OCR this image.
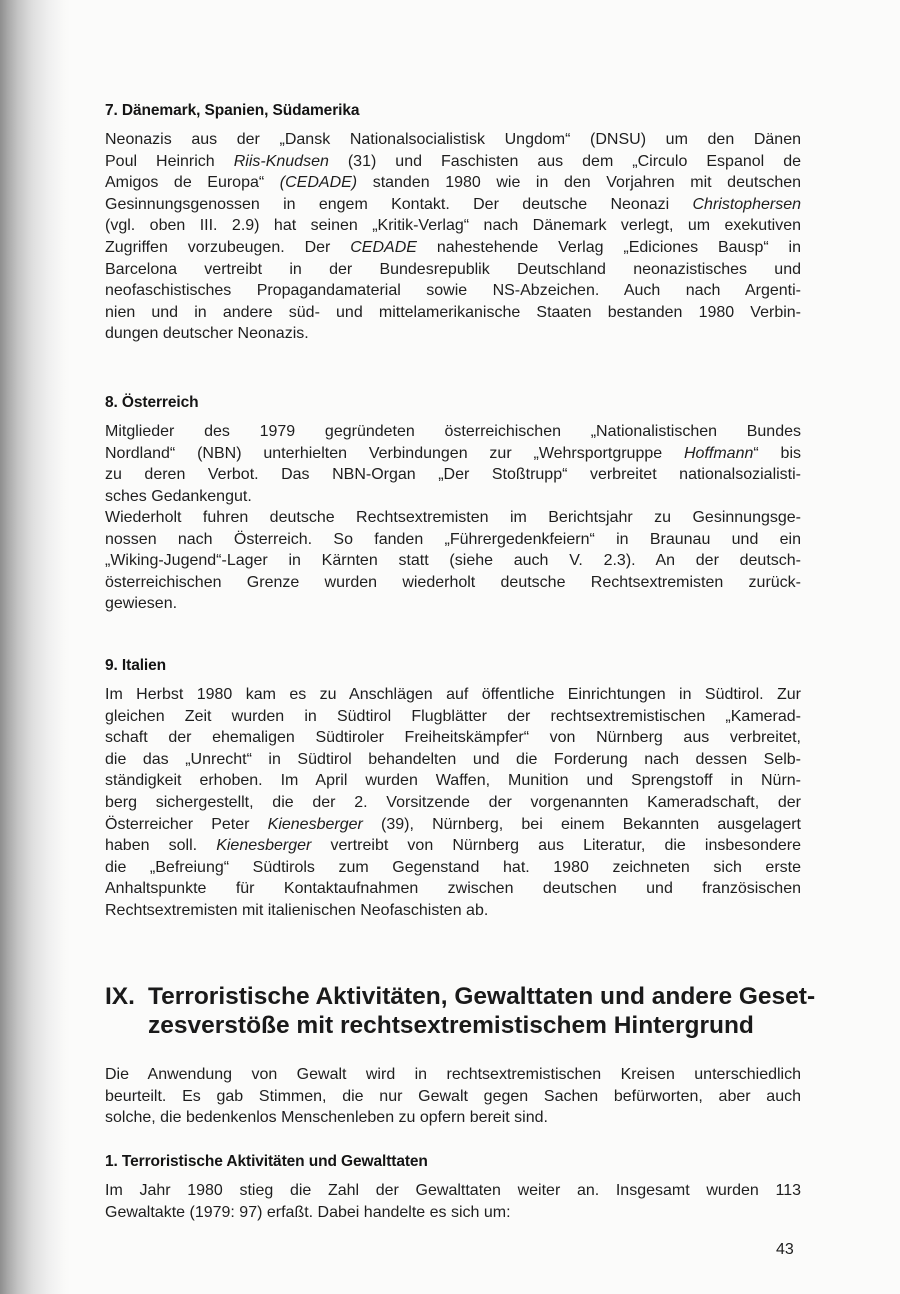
7. Dänemark, Spanien, Südamerika
Neonazis aus der „Dansk Nationalsocialistisk Ungdom“ (DNSU) um den Dänen
Poul Heinrich Riis-Knudsen (31) und Faschisten aus dem „Circulo Espanol de
Amigos de Europa“ (CEDADE) standen 1980 wie in den Vorjahren mit deutschen
Gesinnungsgenossen in engem Kontakt. Der deutsche Neonazi Christophersen
(vgl. oben III. 2.9) hat seinen „Kritik-Verlag“ nach Dänemark verlegt, um exekutiven
Zugriffen vorzubeugen. Der CEDADE nahestehende Verlag „Ediciones Bausp“ in
Barcelona vertreibt in der Bundesrepublik Deutschland neonazistisches und
neofaschistisches Propagandamaterial sowie NS-Abzeichen. Auch nach Argenti-
nien und in andere süd- und mittelamerikanische Staaten bestanden 1980 Verbin-
dungen deutscher Neonazis.
8. Österreich
Mitglieder des 1979 gegründeten österreichischen „Nationalistischen Bundes
Nordland“ (NBN) unterhielten Verbindungen zur „Wehrsportgruppe Hoffmann“ bis
zu deren Verbot. Das NBN-Organ „Der Stoßtrupp“ verbreitet nationalsozialisti-
sches Gedankengut.
Wiederholt fuhren deutsche Rechtsextremisten im Berichtsjahr zu Gesinnungsge-
nossen nach Österreich. So fanden „Führergedenkfeiern“ in Braunau und ein
„Wiking-Jugend“-Lager in Kärnten statt (siehe auch V. 2.3). An der deutsch-
österreichischen Grenze wurden wiederholt deutsche Rechtsextremisten zurück-
gewiesen.
9. Italien
Im Herbst 1980 kam es zu Anschlägen auf öffentliche Einrichtungen in Südtirol. Zur
gleichen Zeit wurden in Südtirol Flugblätter der rechtsextremistischen „Kamerad-
schaft der ehemaligen Südtiroler Freiheitskämpfer“ von Nürnberg aus verbreitet,
die das „Unrecht“ in Südtirol behandelten und die Forderung nach dessen Selb-
ständigkeit erhoben. Im April wurden Waffen, Munition und Sprengstoff in Nürn-
berg sichergestellt, die der 2. Vorsitzende der vorgenannten Kameradschaft, der
Österreicher Peter Kienesberger (39), Nürnberg, bei einem Bekannten ausgelagert
haben soll. Kienesberger vertreibt von Nürnberg aus Literatur, die insbesondere
die „Befreiung“ Südtirols zum Gegenstand hat. 1980 zeichneten sich erste
Anhaltspunkte für Kontaktaufnahmen zwischen deutschen und französischen
Rechtsextremisten mit italienischen Neofaschisten ab.
IX. Terroristische Aktivitäten, Gewalttaten und andere Geset-
zesverstöße mit rechtsextremistischem Hintergrund
Die Anwendung von Gewalt wird in rechtsextremistischen Kreisen unterschiedlich
beurteilt. Es gab Stimmen, die nur Gewalt gegen Sachen befürworten, aber auch
solche, die bedenkenlos Menschenleben zu opfern bereit sind.
1. Terroristische Aktivitäten und Gewalttaten
Im Jahr 1980 stieg die Zahl der Gewalttaten weiter an. Insgesamt wurden 113
Gewaltakte (1979: 97) erfaßt. Dabei handelte es sich um:
43
